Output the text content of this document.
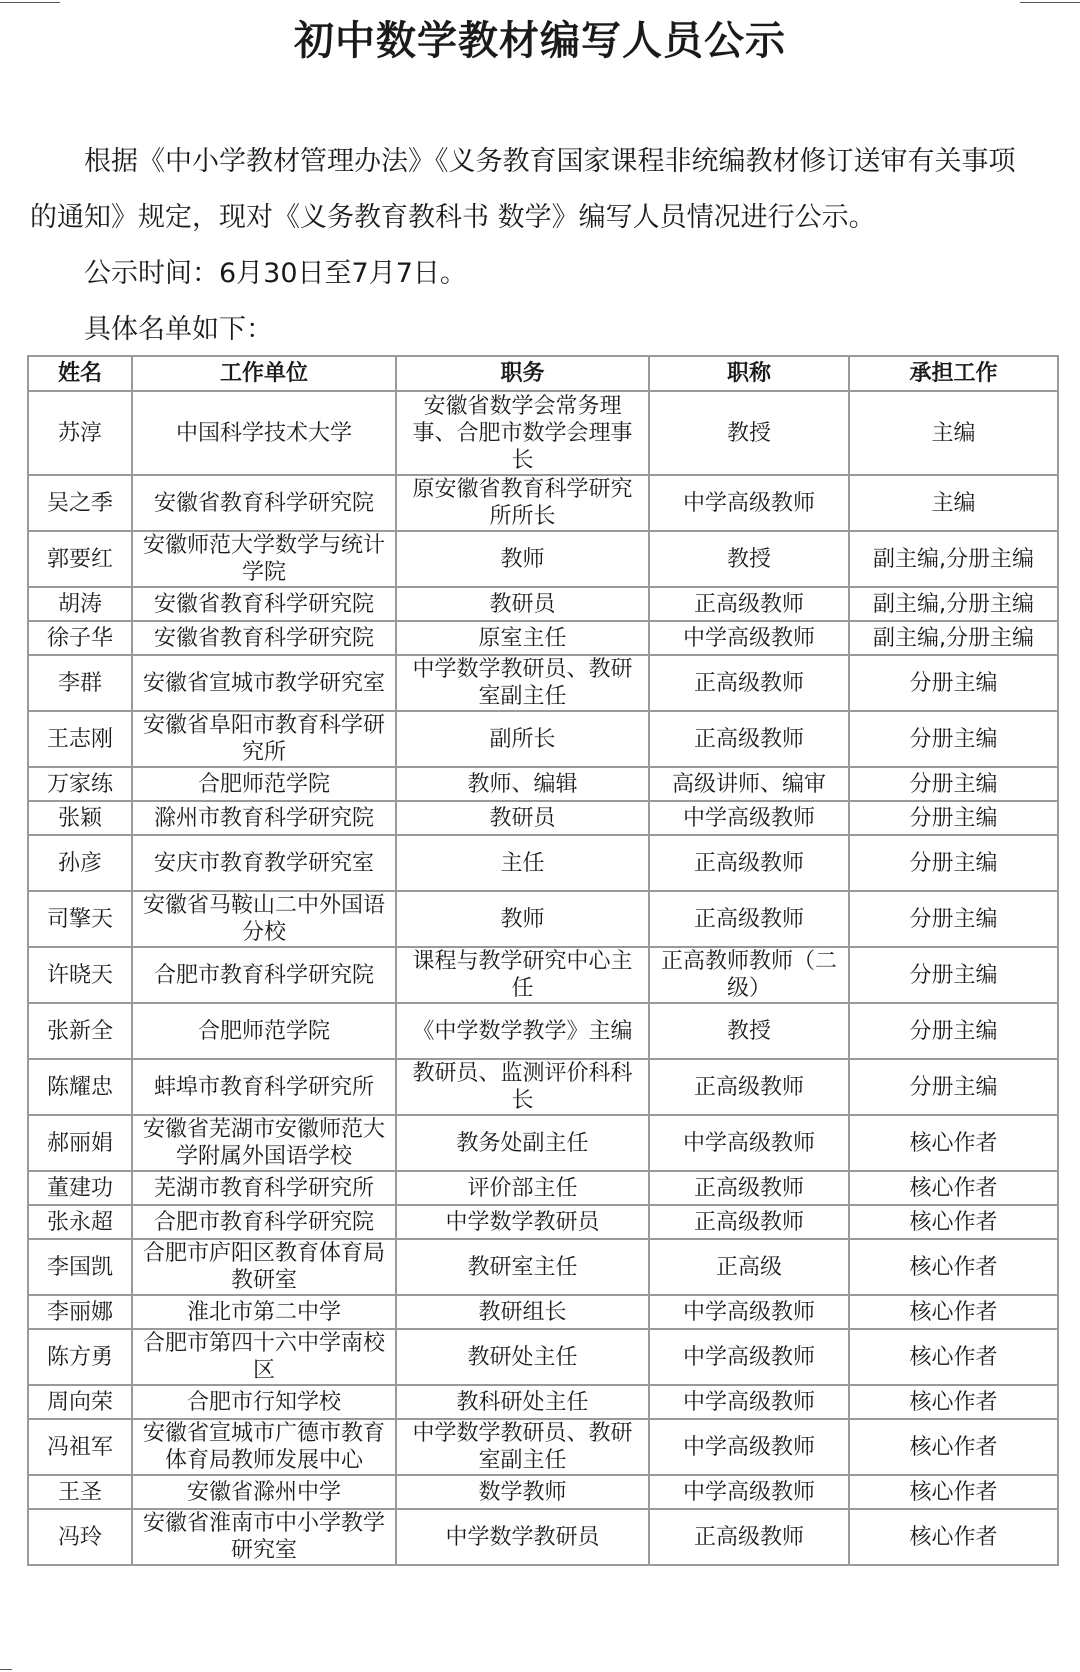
初中数学教材编写人员公示

根据《中小学教材管理办法》《义务教育国家课程非统编教材修订送审有关事项的通知》规定，现对《义务教育教科书 数学》编写人员情况进行公示。

公示时间：6月30日至7月7日。

具体名单如下：

姓名	工作单位	职务	职称	承担工作
苏淳	中国科学技术大学	安徽省数学会常务理事、合肥市数学会理事长	教授	主编
吴之季	安徽省教育科学研究院	原安徽省教育科学研究所所长	中学高级教师	主编
郭要红	安徽师范大学数学与统计学院	教师	教授	副主编,分册主编
胡涛	安徽省教育科学研究院	教研员	正高级教师	副主编,分册主编
徐子华	安徽省教育科学研究院	原室主任	中学高级教师	副主编,分册主编
李群	安徽省宣城市教学研究室	中学数学教研员、教研室副主任	正高级教师	分册主编
王志刚	安徽省阜阳市教育科学研究所	副所长	正高级教师	分册主编
万家练	合肥师范学院	教师、编辑	高级讲师、编审	分册主编
张颖	滁州市教育科学研究院	教研员	中学高级教师	分册主编
孙彦	安庆市教育教学研究室	主任	正高级教师	分册主编
司擎天	安徽省马鞍山二中外国语分校	教师	正高级教师	分册主编
许晓天	合肥市教育科学研究院	课程与教学研究中心主任	正高教师教师（二级）	分册主编
张新全	合肥师范学院	《中学数学教学》主编	教授	分册主编
陈耀忠	蚌埠市教育科学研究所	教研员、监测评价科科长	正高级教师	分册主编
郝丽娟	安徽省芜湖市安徽师范大学附属外国语学校	教务处副主任	中学高级教师	核心作者
董建功	芜湖市教育科学研究所	评价部主任	正高级教师	核心作者
张永超	合肥市教育科学研究院	中学数学教研员	正高级教师	核心作者
李国凯	合肥市庐阳区教育体育局教研室	教研室主任	正高级	核心作者
李丽娜	淮北市第二中学	教研组长	中学高级教师	核心作者
陈方勇	合肥市第四十六中学南校区	教研处主任	中学高级教师	核心作者
周向荣	合肥市行知学校	教科研处主任	中学高级教师	核心作者
冯祖军	安徽省宣城市广德市教育体育局教师发展中心	中学数学教研员、教研室副主任	中学高级教师	核心作者
王圣	安徽省滁州中学	数学教师	中学高级教师	核心作者
冯玲	安徽省淮南市中小学教学研究室	中学数学教研员	正高级教师	核心作者
